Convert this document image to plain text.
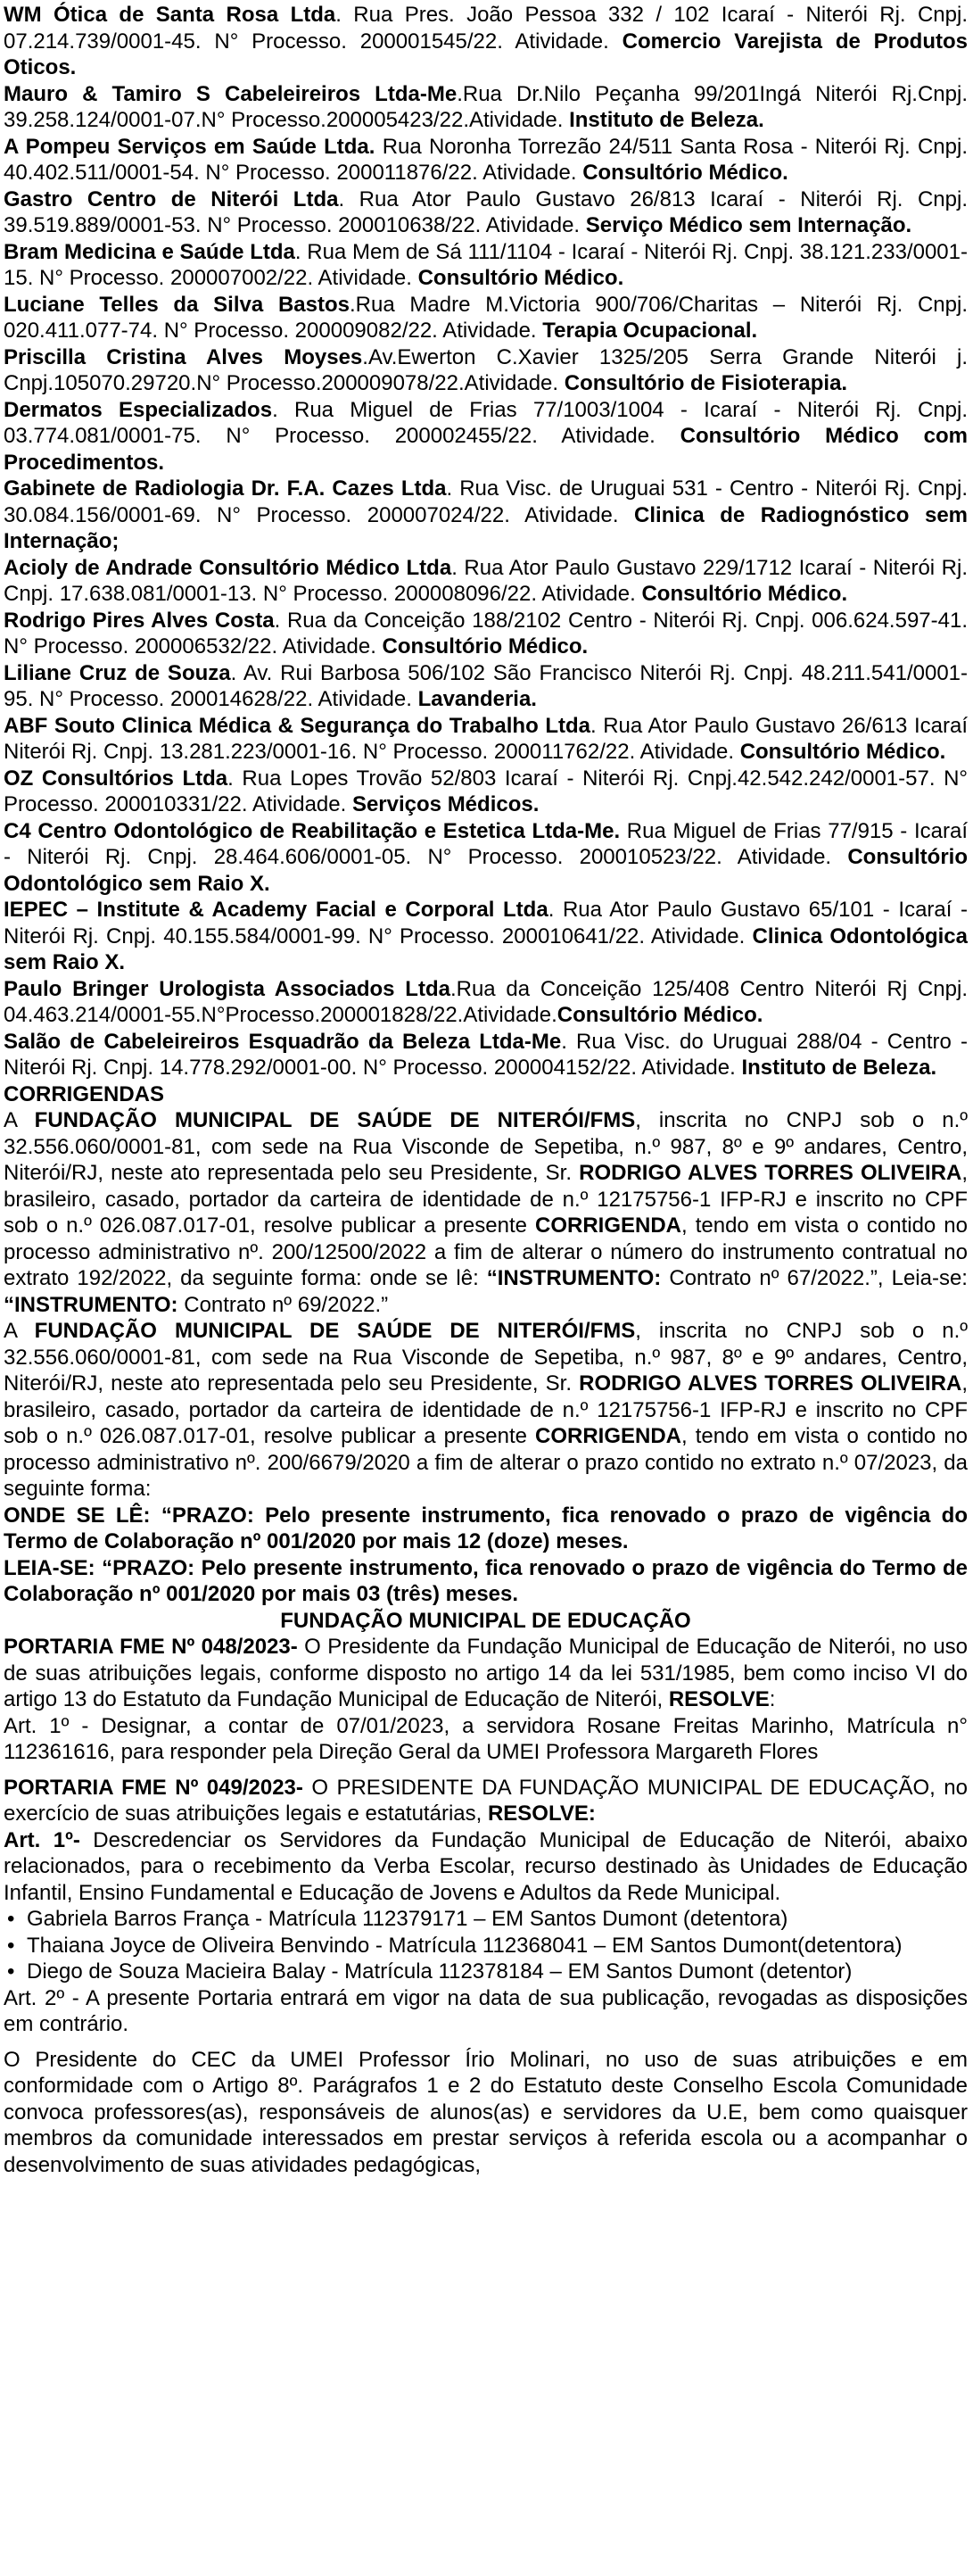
WM Ótica de Santa Rosa Ltda. Rua Pres. João Pessoa 332 / 102 Icaraí - Niterói Rj. Cnpj. 07.214.739/0001-45. N° Processo. 200001545/22. Atividade. Comercio Varejista de Produtos Oticos.

Mauro & Tamiro S Cabeleireiros Ltda-Me.Rua Dr.Nilo Peçanha 99/201Ingá Niterói Rj.Cnpj. 39.258.124/0001-07.N° Processo.200005423/22.Atividade. Instituto de Beleza.

A Pompeu Serviços em Saúde Ltda. Rua Noronha Torrezão 24/511 Santa Rosa - Niterói Rj. Cnpj. 40.402.511/0001-54. N° Processo. 200011876/22. Atividade. Consultório Médico.

Gastro Centro de Niterói Ltda. Rua Ator Paulo Gustavo 26/813 Icaraí - Niterói Rj. Cnpj. 39.519.889/0001-53. N° Processo. 200010638/22. Atividade. Serviço Médico sem Internação.

Bram Medicina e Saúde Ltda. Rua Mem de Sá 111/1104 - Icaraí - Niterói Rj. Cnpj. 38.121.233/0001-15. N° Processo. 200007002/22. Atividade. Consultório Médico.

Luciane Telles da Silva Bastos.Rua Madre M.Victoria 900/706/Charitas – Niterói Rj. Cnpj. 020.411.077-74. N° Processo. 200009082/22. Atividade. Terapia Ocupacional.

Priscilla Cristina Alves Moyses.Av.Ewerton C.Xavier 1325/205 Serra Grande Niterói j. Cnpj.105070.29720.N° Processo.200009078/22.Atividade. Consultório de Fisioterapia.

Dermatos Especializados. Rua Miguel de Frias 77/1003/1004 - Icaraí - Niterói Rj. Cnpj. 03.774.081/0001-75. N° Processo. 200002455/22. Atividade. Consultório Médico com Procedimentos.

Gabinete de Radiologia Dr. F.A. Cazes Ltda. Rua Visc. de Uruguai 531 - Centro - Niterói Rj. Cnpj. 30.084.156/0001-69. N° Processo. 200007024/22. Atividade. Clinica de Radiognóstico sem Internação;

Acioly de Andrade Consultório Médico Ltda. Rua Ator Paulo Gustavo 229/1712 Icaraí - Niterói Rj. Cnpj. 17.638.081/0001-13. N° Processo. 200008096/22. Atividade. Consultório Médico.

Rodrigo Pires Alves Costa. Rua da Conceição 188/2102 Centro - Niterói Rj. Cnpj. 006.624.597-41. N° Processo. 200006532/22. Atividade. Consultório Médico.

Liliane Cruz de Souza. Av. Rui Barbosa 506/102 São Francisco Niterói Rj. Cnpj. 48.211.541/0001-95. N° Processo. 200014628/22. Atividade. Lavanderia.

ABF Souto Clinica Médica & Segurança do Trabalho Ltda. Rua Ator Paulo Gustavo 26/613 Icaraí Niterói Rj. Cnpj. 13.281.223/0001-16. N° Processo. 200011762/22. Atividade. Consultório Médico.

OZ Consultórios Ltda. Rua Lopes Trovão 52/803 Icaraí - Niterói Rj. Cnpj.42.542.242/0001-57. N° Processo. 200010331/22. Atividade. Serviços Médicos.

C4 Centro Odontológico de Reabilitação e Estetica Ltda-Me. Rua Miguel de Frias 77/915 - Icaraí - Niterói Rj. Cnpj. 28.464.606/0001-05. N° Processo. 200010523/22. Atividade. Consultório Odontológico sem Raio X.

IEPEC – Institute & Academy Facial e Corporal Ltda. Rua Ator Paulo Gustavo 65/101 - Icaraí - Niterói Rj. Cnpj. 40.155.584/0001-99. N° Processo. 200010641/22. Atividade. Clinica Odontológica sem Raio X.

Paulo Bringer Urologista Associados Ltda.Rua da Conceição 125/408 Centro Niterói Rj Cnpj. 04.463.214/0001-55.N°Processo.200001828/22.Atividade.Consultório Médico.

Salão de Cabeleireiros Esquadrão da Beleza Ltda-Me. Rua Visc. do Uruguai 288/04 - Centro - Niterói Rj. Cnpj. 14.778.292/0001-00. N° Processo. 200004152/22. Atividade. Instituto de Beleza.

CORRIGENDAS

A FUNDAÇÃO MUNICIPAL DE SAÚDE DE NITERÓI/FMS, inscrita no CNPJ sob o n.º 32.556.060/0001-81, com sede na Rua Visconde de Sepetiba, n.º 987, 8º e 9º andares, Centro, Niterói/RJ, neste ato representada pelo seu Presidente, Sr. RODRIGO ALVES TORRES OLIVEIRA, brasileiro, casado, portador da carteira de identidade de n.º 12175756-1 IFP-RJ e inscrito no CPF sob o n.º 026.087.017-01, resolve publicar a presente CORRIGENDA, tendo em vista o contido no processo administrativo nº. 200/12500/2022 a fim de alterar o número do instrumento contratual no extrato 192/2022, da seguinte forma: onde se lê: “INSTRUMENTO: Contrato nº 67/2022.”, Leia-se: “INSTRUMENTO: Contrato nº 69/2022.”

A FUNDAÇÃO MUNICIPAL DE SAÚDE DE NITERÓI/FMS, inscrita no CNPJ sob o n.º 32.556.060/0001-81, com sede na Rua Visconde de Sepetiba, n.º 987, 8º e 9º andares, Centro, Niterói/RJ, neste ato representada pelo seu Presidente, Sr. RODRIGO ALVES TORRES OLIVEIRA, brasileiro, casado, portador da carteira de identidade de n.º 12175756-1 IFP-RJ e inscrito no CPF sob o n.º 026.087.017-01, resolve publicar a presente CORRIGENDA, tendo em vista o contido no processo administrativo nº. 200/6679/2020 a fim de alterar o prazo contido no extrato n.º 07/2023, da seguinte forma:

ONDE SE LÊ: “PRAZO: Pelo presente instrumento, fica renovado o prazo de vigência do Termo de Colaboração nº 001/2020 por mais 12 (doze) meses.

LEIA-SE: “PRAZO: Pelo presente instrumento, fica renovado o prazo de vigência do Termo de Colaboração nº 001/2020 por mais 03 (três) meses.

FUNDAÇÃO MUNICIPAL DE EDUCAÇÃO

PORTARIA FME Nº 048/2023- O Presidente da Fundação Municipal de Educação de Niterói, no uso de suas atribuições legais, conforme disposto no artigo 14 da lei 531/1985, bem como inciso VI do artigo 13 do Estatuto da Fundação Municipal de Educação de Niterói, RESOLVE:

Art. 1º - Designar, a contar de 07/01/2023, a servidora Rosane Freitas Marinho, Matrícula n° 112361616, para responder pela Direção Geral da UMEI Professora Margareth Flores

PORTARIA FME Nº 049/2023- O PRESIDENTE DA FUNDAÇÃO MUNICIPAL DE EDUCAÇÃO, no exercício de suas atribuições legais e estatutárias, RESOLVE:

Art. 1º- Descredenciar os Servidores da Fundação Municipal de Educação de Niterói, abaixo relacionados, para o recebimento da Verba Escolar, recurso destinado às Unidades de Educação Infantil, Ensino Fundamental e Educação de Jovens e Adultos da Rede Municipal.

• Gabriela Barros França - Matrícula 112379171 – EM Santos Dumont (detentora)
• Thaiana Joyce de Oliveira Benvindo - Matrícula 112368041 – EM Santos Dumont(detentora)
• Diego de Souza Macieira Balay - Matrícula 112378184 – EM Santos Dumont (detentor)

Art. 2º - A presente Portaria entrará em vigor na data de sua publicação, revogadas as disposições em contrário.

O Presidente do CEC da UMEI Professor Írio Molinari, no uso de suas atribuições e em conformidade com o Artigo 8º. Parágrafos 1 e 2 do Estatuto deste Conselho Escola Comunidade convoca professores(as), responsáveis de alunos(as) e servidores da U.E, bem como quaisquer membros da comunidade interessados em prestar serviços à referida escola ou a acompanhar o desenvolvimento de suas atividades pedagógicas,
